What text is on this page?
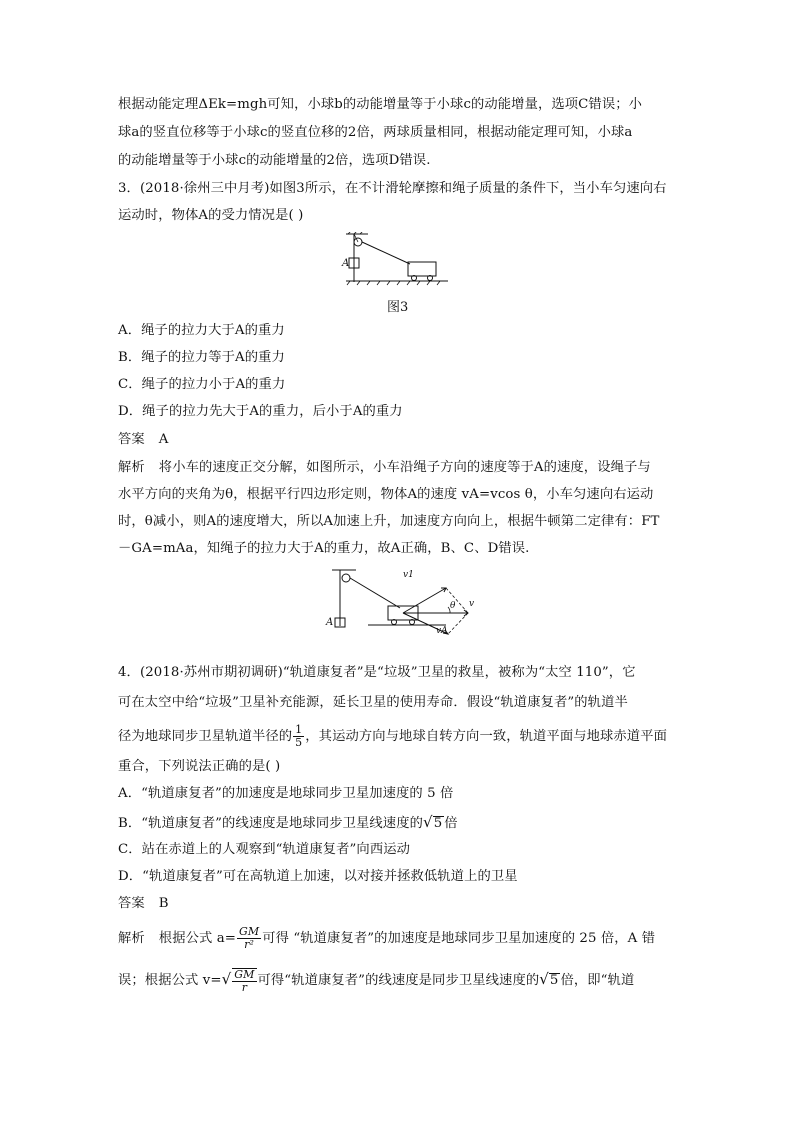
根据动能定理ΔEk=mgh可知，小球b的动能增量等于小球c的动能增量，选项C错误；小
球a的竖直位移等于小球c的竖直位移的2倍，两球质量相同，根据动能定理可知，小球a
的动能增量等于小球c的动能增量的2倍，选项D错误.
3．(2018·徐州三中月考)如图3所示，在不计滑轮摩擦和绳子质量的条件下，当小车匀速向右
运动时，物体A的受力情况是( )
A
图3
A．绳子的拉力大于A的重力
B．绳子的拉力等于A的重力
C．绳子的拉力小于A的重力
D．绳子的拉力先大于A的重力，后小于A的重力
答案 A
解析 将小车的速度正交分解，如图所示，小车沿绳子方向的速度等于A的速度，设绳子与
水平方向的夹角为θ，根据平行四边形定则，物体A的速度 vA=vcos θ，小车匀速向右运动
时，θ减小，则A的速度增大，所以A加速上升，加速度方向向上，根据牛顿第二定律有：FT
－GA=mAa，知绳子的拉力大于A的重力，故A正确，B、C、D错误.
v1
θ v
vA
A
4．(2018·苏州市期初调研)“轨道康复者”是“垃圾”卫星的救星，被称为“太空 110”，它
可在太空中给“垃圾”卫星补充能源，延长卫星的使用寿命．假设“轨道康复者”的轨道半
径为地球同步卫星轨道半径的 $\frac{1}{5}$ ，其运动方向与地球自转方向一致，轨道平面与地球赤道平面
重合，下列说法正确的是( )
A．“轨道康复者”的加速度是地球同步卫星加速度的 5 倍
B．“轨道康复者”的线速度是地球同步卫星线速度的√5 倍
C．站在赤道上的人观察到“轨道康复者”向西运动
D．“轨道康复者”可在高轨道上加速，以对接并拯救低轨道上的卫星
答案 B
解析 根据公式 $a= \frac{GM}{\text{r²}}$ 可得 “轨道康复者”的加速度是地球同步卫星加速度的 25 倍，A 错
误；根据公式 $v=√ \frac{GM}{r}$ 可得“轨道康复者”的线速度是同步卫星线速度的√5 倍，即“轨道
